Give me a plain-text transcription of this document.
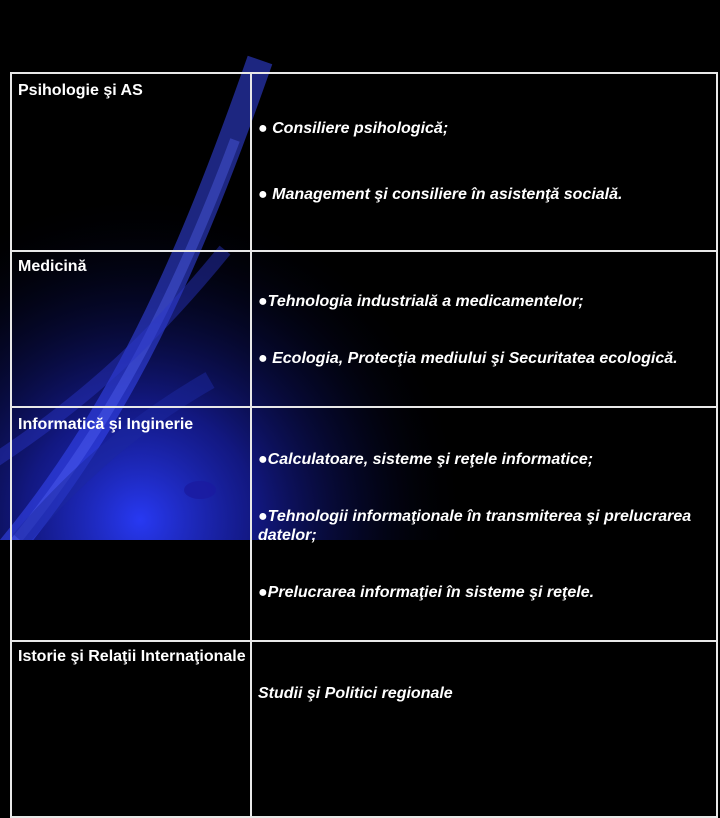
Psihologie şi AS	● Consiliere psihologică;

● Management şi consiliere în asistenţă socială.

Medicină	●Tehnologia industrială a medicamentelor;

● Ecologia, Protecţia mediului şi Securitatea ecologică.

Informatică şi Inginerie	●Calculatoare, sisteme şi reţele informatice;

●Tehnologii informaţionale în transmiterea şi prelucrarea datelor;

●Prelucrarea informaţiei în sisteme şi reţele.

Istorie şi Relaţii Internaţionale	Studii şi Politici regionale
